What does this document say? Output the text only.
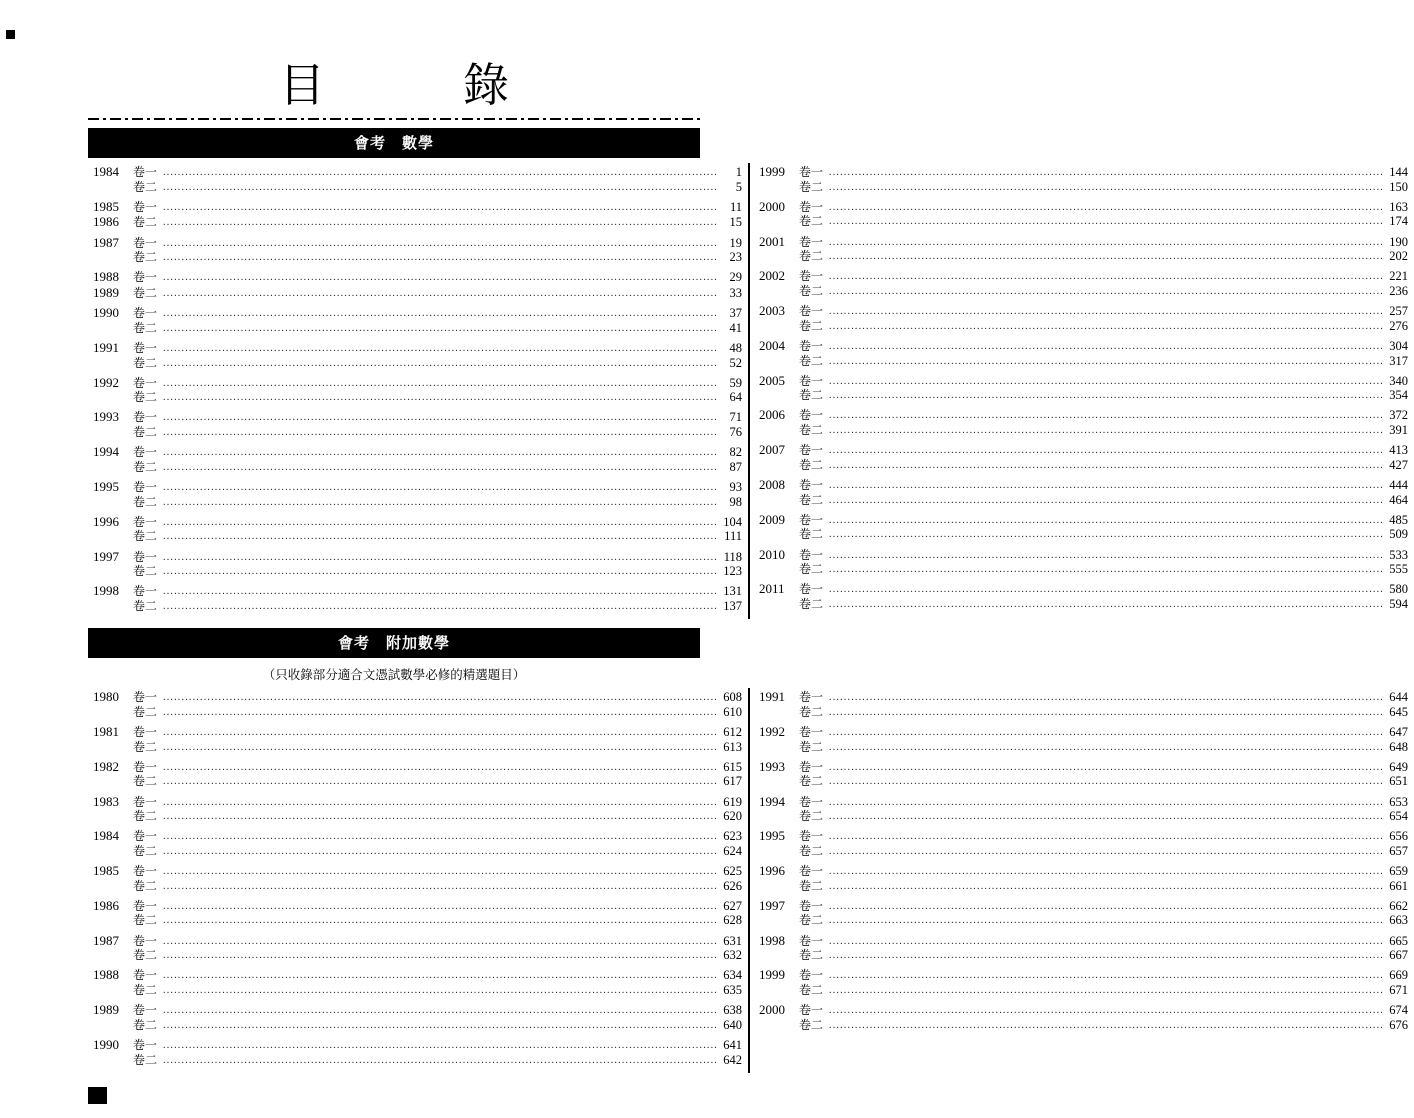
目　　　錄
會考　數學
1984	卷一 .....	1
卷二 .....	5
1985	卷一 .....	11
1986	卷二 .....	15
1987	卷一 .....	19
卷二 .....	23
1988	卷一 .....	29
1989	卷二 .....	33
1990	卷一 .....	37
卷二 .....	41
1991	卷一 .....	48
卷二 .....	52
1992	卷一 .....	59
卷二 .....	64
1993	卷一 .....	71
卷二 .....	76
1994	卷一 .....	82
卷二 .....	87
1995	卷一 .....	93
卷二 .....	98
1996	卷一 .....	104
卷二 .....	111
1997	卷一 .....	118
卷二 .....	123
1998	卷一 .....	131
卷二 .....	137
1999	卷一 .....	144
卷二 .....	150
2000	卷一 .....	163
卷二 .....	174
2001	卷一 .....	190
卷二 .....	202
2002	卷一 .....	221
卷二 .....	236
2003	卷一 .....	257
卷二 .....	276
2004	卷一 .....	304
卷二 .....	317
2005	卷一 .....	340
卷二 .....	354
2006	卷一 .....	372
卷二 .....	391
2007	卷一 .....	413
卷二 .....	427
2008	卷一 .....	444
卷二 .....	464
2009	卷一 .....	485
卷二 .....	509
2010	卷一 .....	533
卷二 .....	555
2011	卷一 .....	580
卷二 .....	594
會考　附加數學
（只收錄部分適合文憑試數學必修的精選題目）
1980	卷一 .....	608
卷二 .....	610
1981	卷一 .....	612
卷二 .....	613
1982	卷一 .....	615
卷二 .....	617
1983	卷一 .....	619
卷二 .....	620
1984	卷一 .....	623
卷二 .....	624
1985	卷一 .....	625
卷二 .....	626
1986	卷一 .....	627
卷二 .....	628
1987	卷一 .....	631
卷二 .....	632
1988	卷一 .....	634
卷二 .....	635
1989	卷一 .....	638
卷二 .....	640
1990	卷一 .....	641
卷二 .....	642
1991	卷一 .....	644
卷二 .....	645
1992	卷一 .....	647
卷二 .....	648
1993	卷一 .....	649
卷二 .....	651
1994	卷一 .....	653
卷二 .....	654
1995	卷一 .....	656
卷二 .....	657
1996	卷一 .....	659
卷二 .....	661
1997	卷一 .....	662
卷二 .....	663
1998	卷一 .....	665
卷二 .....	667
1999	卷一 .....	669
卷二 .....	671
2000	卷一 .....	674
卷二 .....	676
